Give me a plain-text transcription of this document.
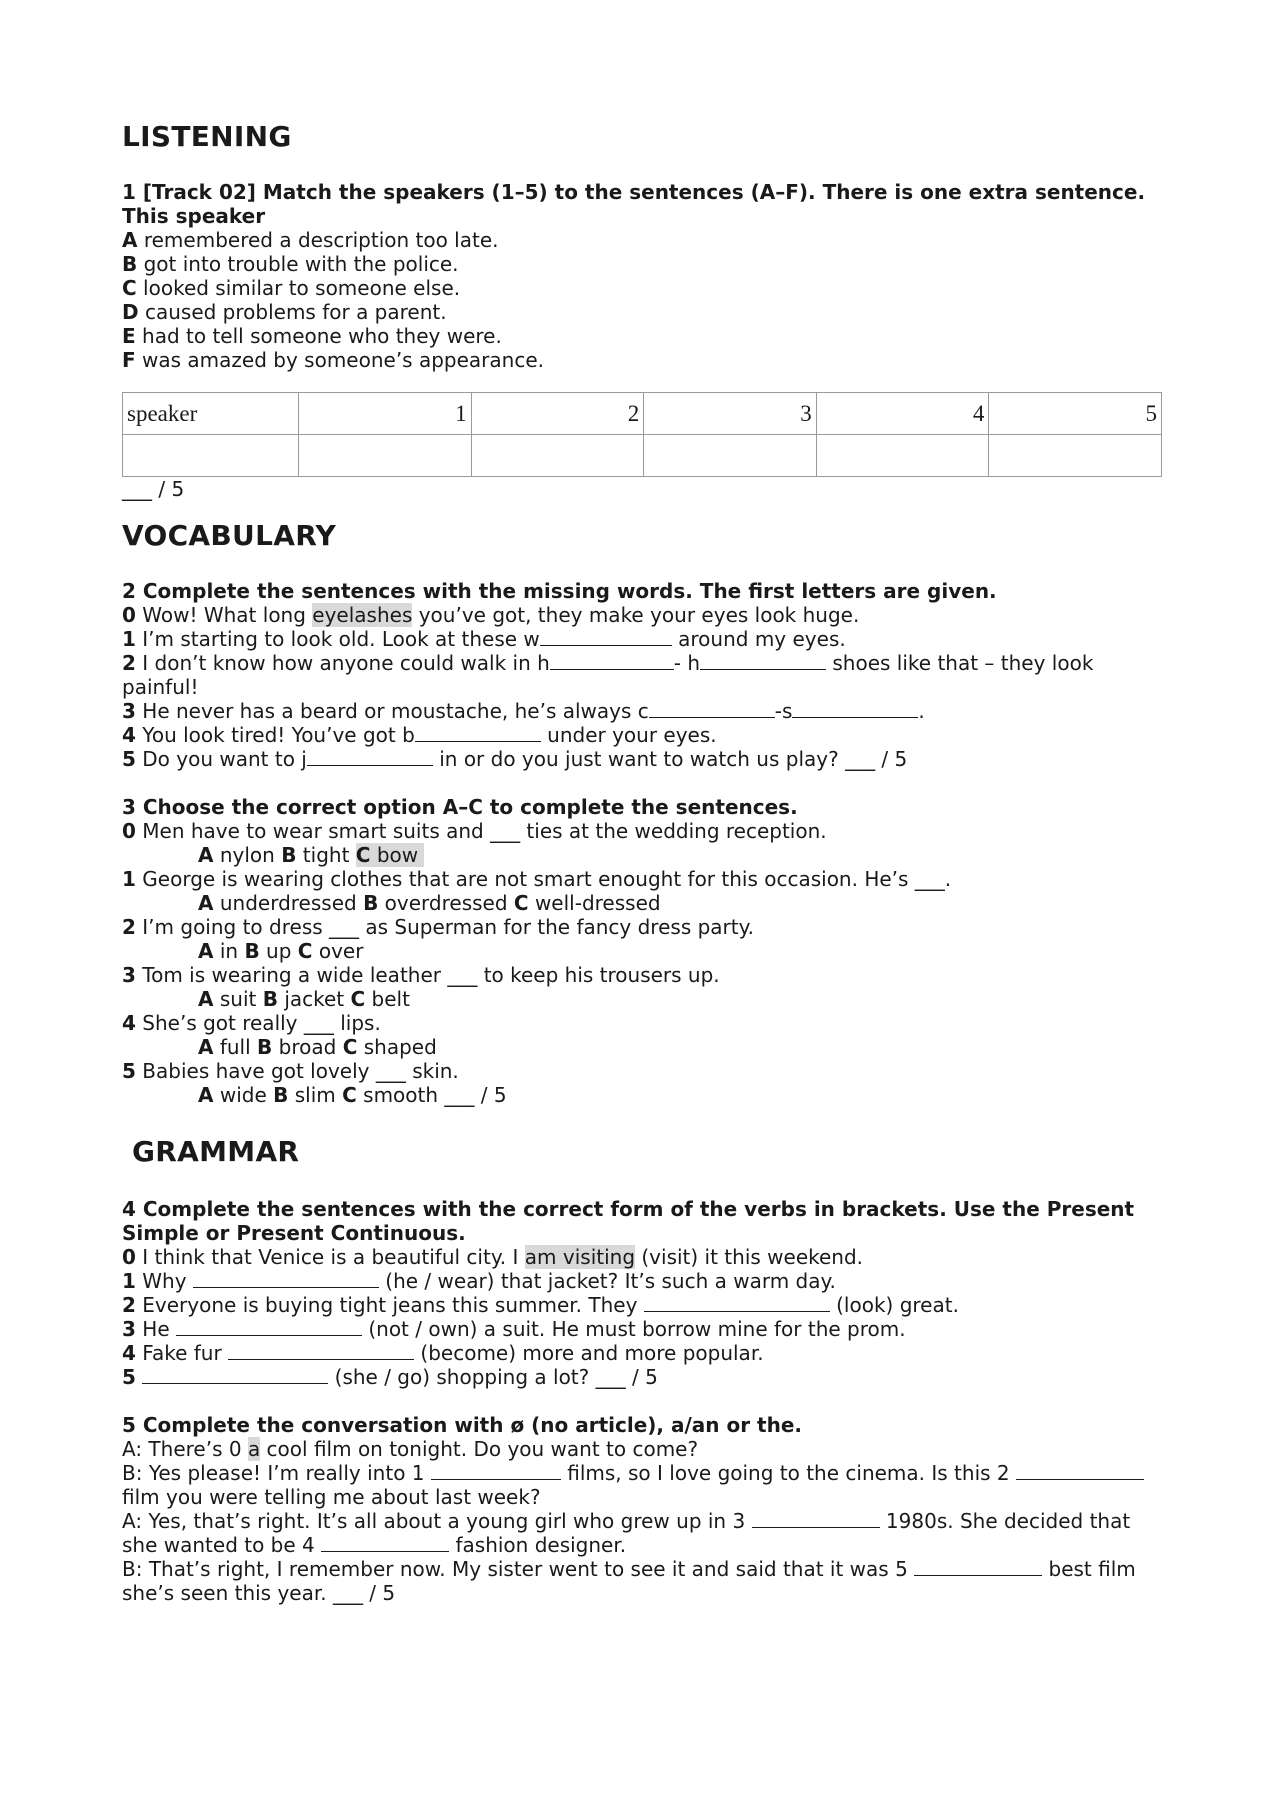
LISTENING

1 [Track 02] Match the speakers (1–5) to the sentences (A–F). There is one extra sentence.

This speaker

A remembered a description too late.

B got into trouble with the police.

C looked similar to someone else.

D caused problems for a parent.

E had to tell someone who they were.

F was amazed by someone’s appearance.

speaker	1	2	3	4	5

___ / 5

VOCABULARY

2 Complete the sentences with the missing words. The first letters are given.

0 Wow! What long eyelashes you’ve got, they make your eyes look huge.

1 I’m starting to look old. Look at these w	around my eyes.

2 I don’t know how anyone could walk in h	- h	shoes like that – they look painful!

3 He never has a beard or moustache, he’s always c	-s	.

4 You look tired! You’ve got b	under your eyes.

5 Do you want to j	in or do you just want to watch us play? ___ / 5

3 Choose the correct option A–C to complete the sentences.

0 Men have to wear smart suits and ___ ties at the wedding reception.

A nylon B tight C bow

1 George is wearing clothes that are not smart enought for this occasion. He’s ___.

A underdressed B overdressed C well-dressed

2 I’m going to dress ___ as Superman for the fancy dress party.

A in B up C over

3 Tom is wearing a wide leather ___ to keep his trousers up.

A suit B jacket C belt

4 She’s got really ___ lips.

A full B broad C shaped

5 Babies have got lovely ___ skin.

A wide B slim C smooth ___ / 5

GRAMMAR

4 Complete the sentences with the correct form of the verbs in brackets. Use the Present Simple or Present Continuous.

0 I think that Venice is a beautiful city. I am visiting (visit) it this weekend.

1 Why	(he / wear) that jacket? It’s such a warm day.

2 Everyone is buying tight jeans this summer. They	(look) great.

3 He	(not / own) a suit. He must borrow mine for the prom.

4 Fake fur	(become) more and more popular.

5	(she / go) shopping a lot? ___ / 5

5 Complete the conversation with ø (no article), a/an or the.

A: There’s 0 a cool film on tonight. Do you want to come?

B: Yes please! I’m really into 1	films, so I love going to the cinema. Is this 2	film you were telling me about last week?

A: Yes, that’s right. It’s all about a young girl who grew up in 3	1980s. She decided that she wanted to be 4	fashion designer.

B: That’s right, I remember now. My sister went to see it and said that it was 5	best film she’s seen this year. ___ / 5
